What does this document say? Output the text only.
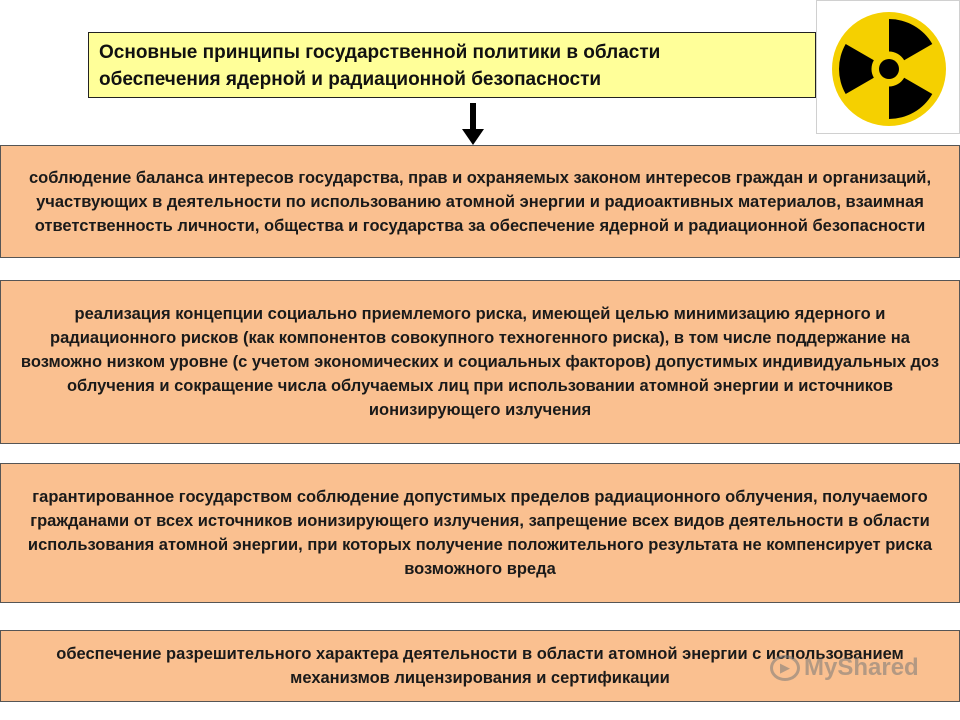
Основные принципы государственной политики в области
обеспечения ядерной и радиационной безопасности
соблюдение баланса интересов государства, прав и охраняемых законом интересов граждан и организаций, участвующих в деятельности по использованию атомной энергии и радиоактивных материалов, взаимная ответственность личности, общества и государства за обеспечение ядерной и радиационной безопасности
реализация концепции социально приемлемого риска, имеющей целью минимизацию ядерного и радиационного рисков (как компонентов совокупного техногенного риска), в том числе поддержание на возможно низком уровне (с учетом экономических и социальных факторов) допустимых индивидуальных доз облучения и сокращение числа облучаемых лиц при использовании атомной энергии и источников ионизирующего излучения
гарантированное государством соблюдение допустимых пределов радиационного облучения, получаемого гражданами от всех источников ионизирующего излучения, запрещение всех видов деятельности в области использования атомной энергии, при которых получение положительного результата не компенсирует риска возможного вреда
обеспечение разрешительного характера деятельности в области атомной энергии с использованием механизмов лицензирования и сертификации
▶ MyShared
